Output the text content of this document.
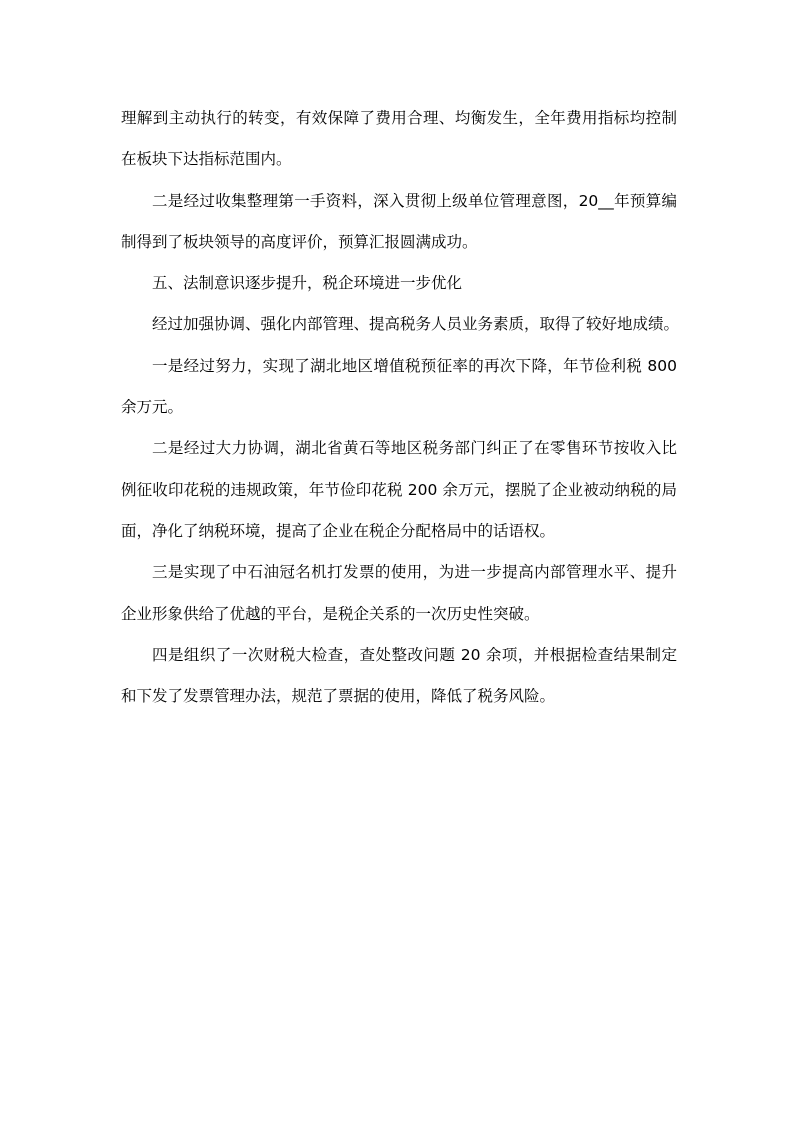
理解到主动执行的转变，有效保障了费用合理、均衡发生，全年费用指标均控制
在板块下达指标范围内。
二是经过收集整理第一手资料，深入贯彻上级单位管理意图，20__年预算编
制得到了板块领导的高度评价，预算汇报圆满成功。
五、法制意识逐步提升，税企环境进一步优化
经过加强协调、强化内部管理、提高税务人员业务素质，取得了较好地成绩。
一是经过努力，实现了湖北地区增值税预征率的再次下降，年节俭利税 800
余万元。
二是经过大力协调，湖北省黄石等地区税务部门纠正了在零售环节按收入比
例征收印花税的违规政策，年节俭印花税 200 余万元，摆脱了企业被动纳税的局
面，净化了纳税环境，提高了企业在税企分配格局中的话语权。
三是实现了中石油冠名机打发票的使用，为进一步提高内部管理水平、提升
企业形象供给了优越的平台，是税企关系的一次历史性突破。
四是组织了一次财税大检查，查处整改问题 20 余项，并根据检查结果制定
和下发了发票管理办法，规范了票据的使用，降低了税务风险。
